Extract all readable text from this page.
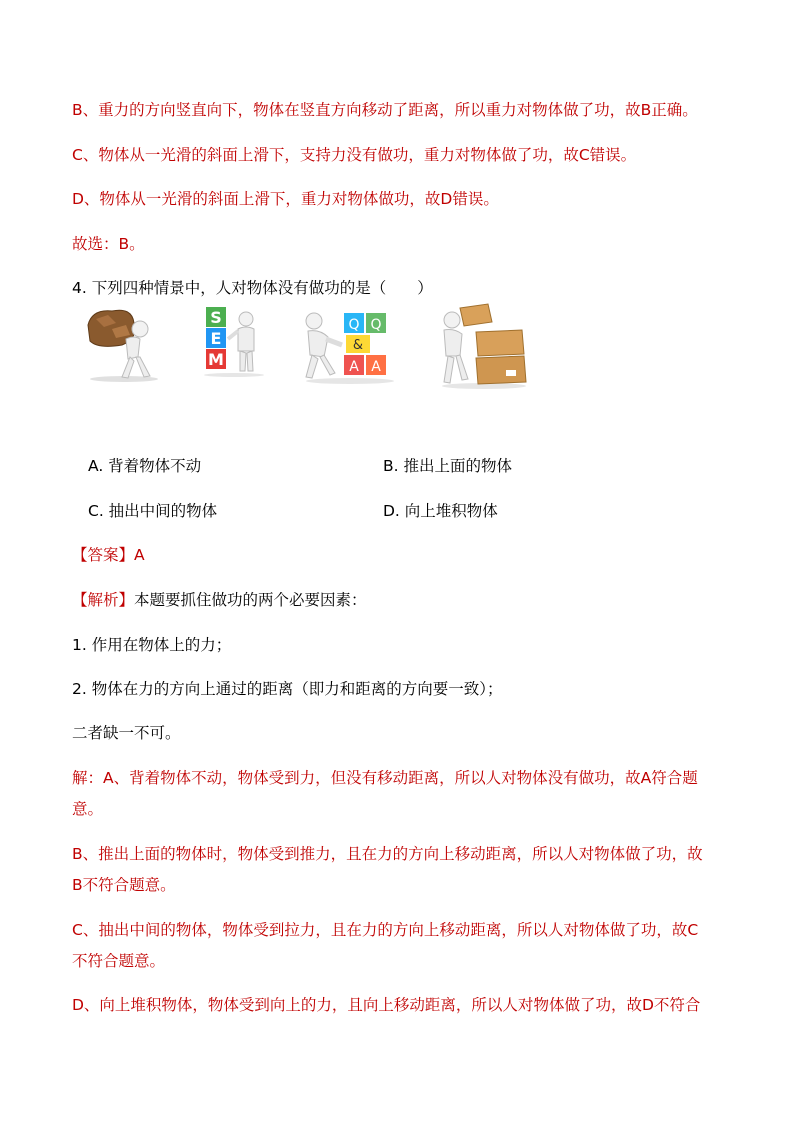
B、重力的方向竖直向下，物体在竖直方向移动了距离，所以重力对物体做了功，故B正确。
C、物体从一光滑的斜面上滑下，支持力没有做功，重力对物体做了功，故C错误。
D、物体从一光滑的斜面上滑下，重力对物体做功，故D错误。
故选：B。
4. 下列四种情景中，人对物体没有做功的是（　　）
S
E
M
Q Q
&
A A
A. 背着物体不动	B. 推出上面的物体
C. 抽出中间的物体	D. 向上堆积物体
【答案】A
【解析】本题要抓住做功的两个必要因素：
1. 作用在物体上的力；
2. 物体在力的方向上通过的距离（即力和距离的方向要一致）；
二者缺一不可。
解：A、背着物体不动，物体受到力，但没有移动距离，所以人对物体没有做功，故A符合题
意。
B、推出上面的物体时，物体受到推力，且在力的方向上移动距离，所以人对物体做了功，故
B不符合题意。
C、抽出中间的物体，物体受到拉力，且在力的方向上移动距离，所以人对物体做了功，故C
不符合题意。
D、向上堆积物体，物体受到向上的力，且向上移动距离，所以人对物体做了功，故D不符合
